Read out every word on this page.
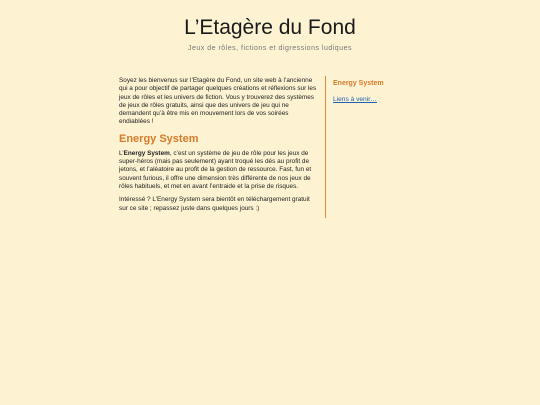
L’Etagère du Fond
Jeux de rôles, fictions et digressions ludiques

Soyez les bienvenus sur l’Etagère du Fond, un site web à l’ancienne qui a pour objectif de partager quelques créations et réflexions sur les jeux de rôles et les univers de fiction. Vous y trouverez des systèmes de jeux de rôles gratuits, ainsi que des univers de jeu qui ne demandent qu’à être mis en mouvement lors de vos soirées endiablées !

Energy System

L’Energy System, c’est un système de jeu de rôle pour les jeux de super-héros (mais pas seulement) ayant troqué les dés au profit de jetons, et l’aléatoire au profit de la gestion de ressource. Fast, fun et souvent furious, il offre une dimension très différente de nos jeux de rôles habituels, et met en avant l’entraide et la prise de risques.

Intéressé ? L’Energy System sera bientôt en téléchargement gratuit sur ce site ; repassez juste dans quelques jours :)

Energy System
Liens à venir…
